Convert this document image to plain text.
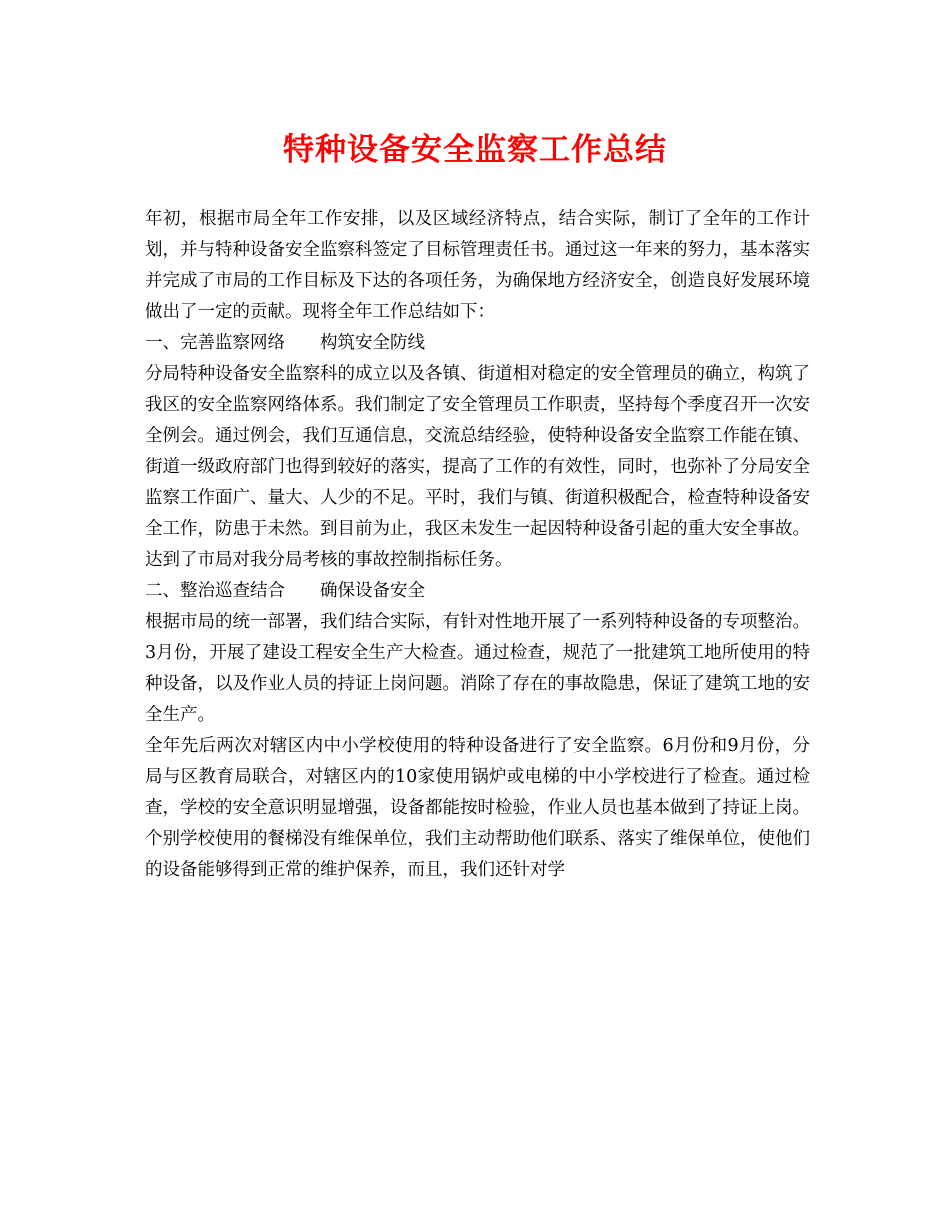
特种设备安全监察工作总结

年初，根据市局全年工作安排，以及区域经济特点，结合实际，制订了全年的工作计划，并与特种设备安全监察科签定了目标管理责任书。通过这一年来的努力，基本落实并完成了市局的工作目标及下达的各项任务，为确保地方经济安全，创造良好发展环境做出了一定的贡献。现将全年工作总结如下：

一、完善监察网络　　构筑安全防线

分局特种设备安全监察科的成立以及各镇、街道相对稳定的安全管理员的确立，构筑了我区的安全监察网络体系。我们制定了安全管理员工作职责，坚持每个季度召开一次安全例会。通过例会，我们互通信息，交流总结经验，使特种设备安全监察工作能在镇、街道一级政府部门也得到较好的落实，提高了工作的有效性，同时，也弥补了分局安全监察工作面广、量大、人少的不足。平时，我们与镇、街道积极配合，检查特种设备安全工作，防患于未然。到目前为止，我区未发生一起因特种设备引起的重大安全事故。达到了市局对我分局考核的事故控制指标任务。

二、整治巡查结合　　确保设备安全

根据市局的统一部署，我们结合实际，有针对性地开展了一系列特种设备的专项整治。

3月份，开展了建设工程安全生产大检查。通过检查，规范了一批建筑工地所使用的特种设备，以及作业人员的持证上岗问题。消除了存在的事故隐患，保证了建筑工地的安全生产。

全年先后两次对辖区内中小学校使用的特种设备进行了安全监察。6月份和9月份，分局与区教育局联合，对辖区内的10家使用锅炉或电梯的中小学校进行了检查。通过检查，学校的安全意识明显增强，设备都能按时检验，作业人员也基本做到了持证上岗。个别学校使用的餐梯没有维保单位，我们主动帮助他们联系、落实了维保单位，使他们的设备能够得到正常的维护保养，而且，我们还针对学
